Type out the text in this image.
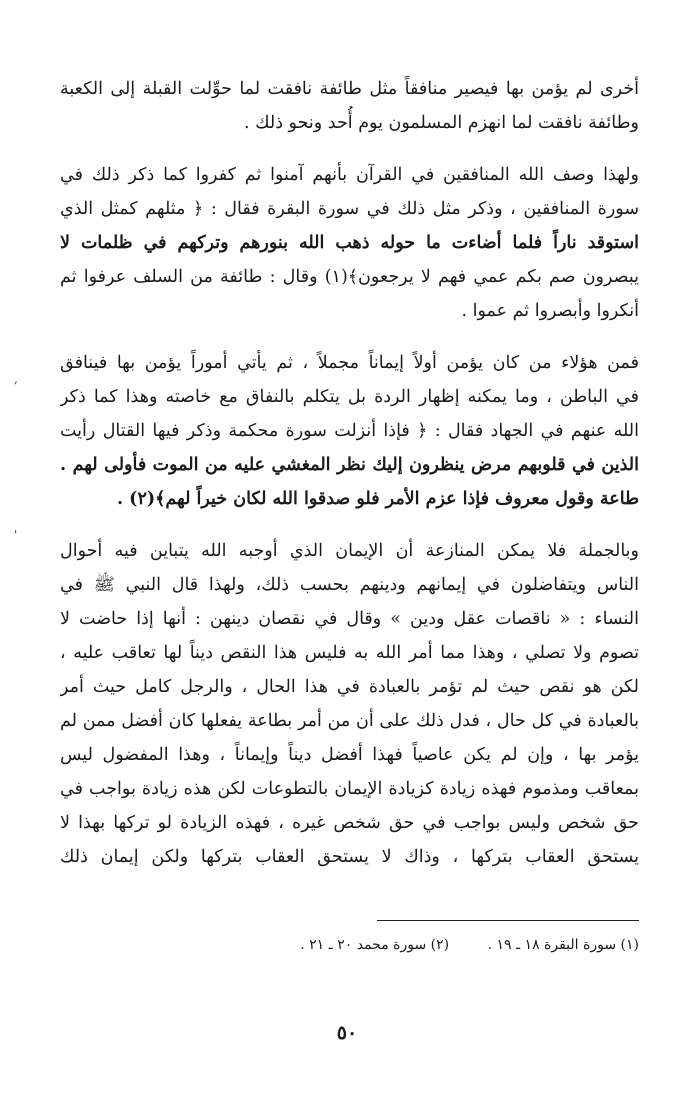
أخرى لم يؤمن بها فيصير منافقاً مثل طائفة نافقت لما حوِّلت القبلة إلى الكعبة
وطائفة نافقت لما انهزم المسلمون يوم أُحد ونحو ذلك .
ولهذا وصف الله المنافقين في القرآن بأنهم آمنوا ثم كفروا كما ذكر ذلك في
سورة المنافقين ، وذكر مثل ذلك في سورة البقرة فقال : ﴿ مثلهم كمثل الذي
استوقد ناراً فلما أضاءت ما حوله ذهب الله بنورهم وتركهم في ظلمات لا
يبصرون صم بكم عمي فهم لا يرجعون﴾(١) وقال : طائفة من السلف عرفوا ثم
أنكروا وأبصروا ثم عموا .
فمن هؤلاء من كان يؤمن أولاً إيماناً مجملاً ، ثم يأتي أموراً يؤمن بها فينافق
في الباطن ، وما يمكنه إظهار الردة بل يتكلم بالنفاق مع خاصته وهذا كما ذكر
الله عنهم في الجهاد فقال : ﴿ فإذا أنزلت سورة محكمة وذكر فيها القتال رأيت
الذين في قلوبهم مرض ينظرون إليك نظر المغشي عليه من الموت فأولى لهم .
طاعة وقول معروف فإذا عزم الأمر فلو صدقوا الله لكان خيراً لهم﴾(٢) .
وبالجملة فلا يمكن المنازعة أن الإيمان الذي أوجبه الله يتباين فيه أحوال
الناس ويتفاضلون في إيمانهم ودينهم بحسب ذلك، ولهذا قال النبي ﷺ في
النساء : « ناقصات عقل ودين » وقال في نقصان دينهن : أنها إذا حاضت لا
تصوم ولا تصلي ، وهذا مما أمر الله به فليس هذا النقص ديناً لها تعاقب عليه ،
لكن هو نقص حيث لم تؤمر بالعبادة في هذا الحال ، والرجل كامل حيث أمر
بالعبادة في كل حال ، فدل ذلك على أن من أمر بطاعة يفعلها كان أفضل ممن لم
يؤمر بها ، وإن لم يكن عاصياً فهذا أفضل ديناً وإيماناً ، وهذا المفضول ليس
بمعاقب ومذموم فهذه زيادة كزيادة الإيمان بالتطوعات لكن هذه زيادة بواجب في
حق شخص وليس بواجب في حق شخص غيره ، فهذه الزيادة لو تركها بهذا لا
يستحق العقاب بتركها ، وذاك لا يستحق العقاب بتركها ولكن إيمان ذلك
,
'
(١) سورة البقرة ١٨ ـ ١٩ . (٢) سورة محمد ٢٠ ـ ٢١ .
٥٠
